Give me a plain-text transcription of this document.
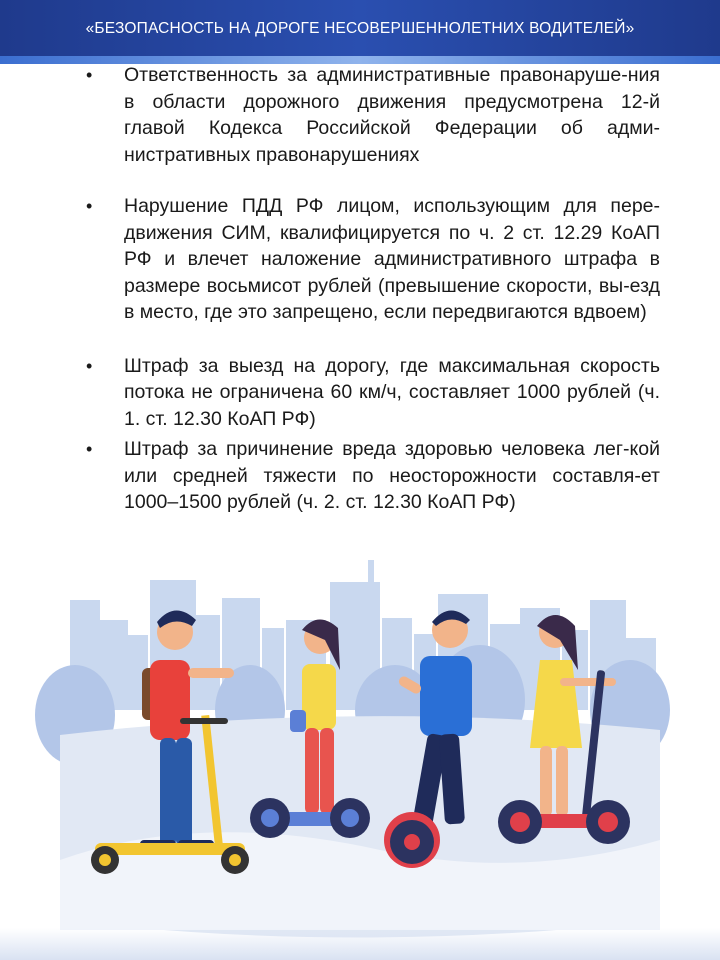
«БЕЗОПАСНОСТЬ НА ДОРОГЕ НЕСОВЕРШЕННОЛЕТНИХ ВОДИТЕЛЕЙ»
• Ответственность за административные правонаруше-ния в области дорожного движения предусмотрена 12-й главой Кодекса Российской Федерации об адми-нистративных правонарушениях
• Нарушение ПДД РФ лицом, использующим для пере-движения СИМ, квалифицируется по ч. 2 ст. 12.29 КоАП РФ и влечет наложение административного штрафа в размере восьмисот рублей (превышение скорости, вы-езд в место, где это запрещено, если передвигаются вдвоем)
• Штраф за выезд на дорогу, где максимальная скорость потока не ограничена 60 км/ч, составляет 1000 рублей (ч. 1. ст. 12.30 КоАП РФ)
• Штраф за причинение вреда здоровью человека лег-кой или средней тяжести по неосторожности составля-ет 1000–1500 рублей (ч. 2. ст. 12.30 КоАП РФ)
